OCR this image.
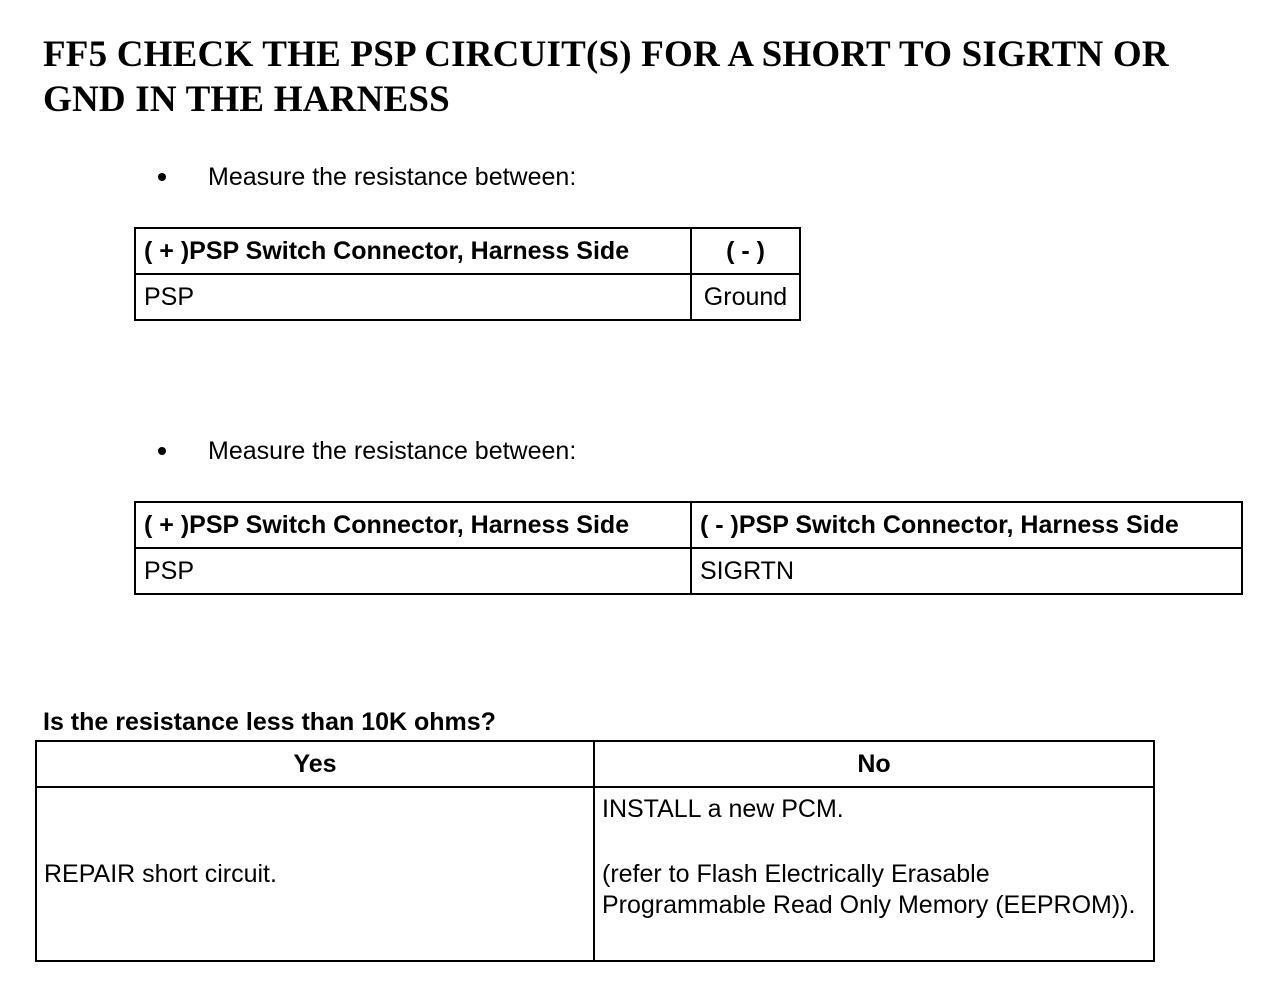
FF5 CHECK THE PSP CIRCUIT(S) FOR A SHORT TO SIGRTN OR
GND IN THE HARNESS
Measure the resistance between:
( + )PSP Switch Connector, Harness Side	( - )
PSP	Ground
Measure the resistance between:
( + )PSP Switch Connector, Harness Side	( - )PSP Switch Connector, Harness Side
PSP	SIGRTN
Is the resistance less than 10K ohms?
Yes	No

REPAIR short circuit.	INSTALL a new PCM.
(refer to Flash Electrically Erasable Programmable Read Only Memory (EEPROM)).
